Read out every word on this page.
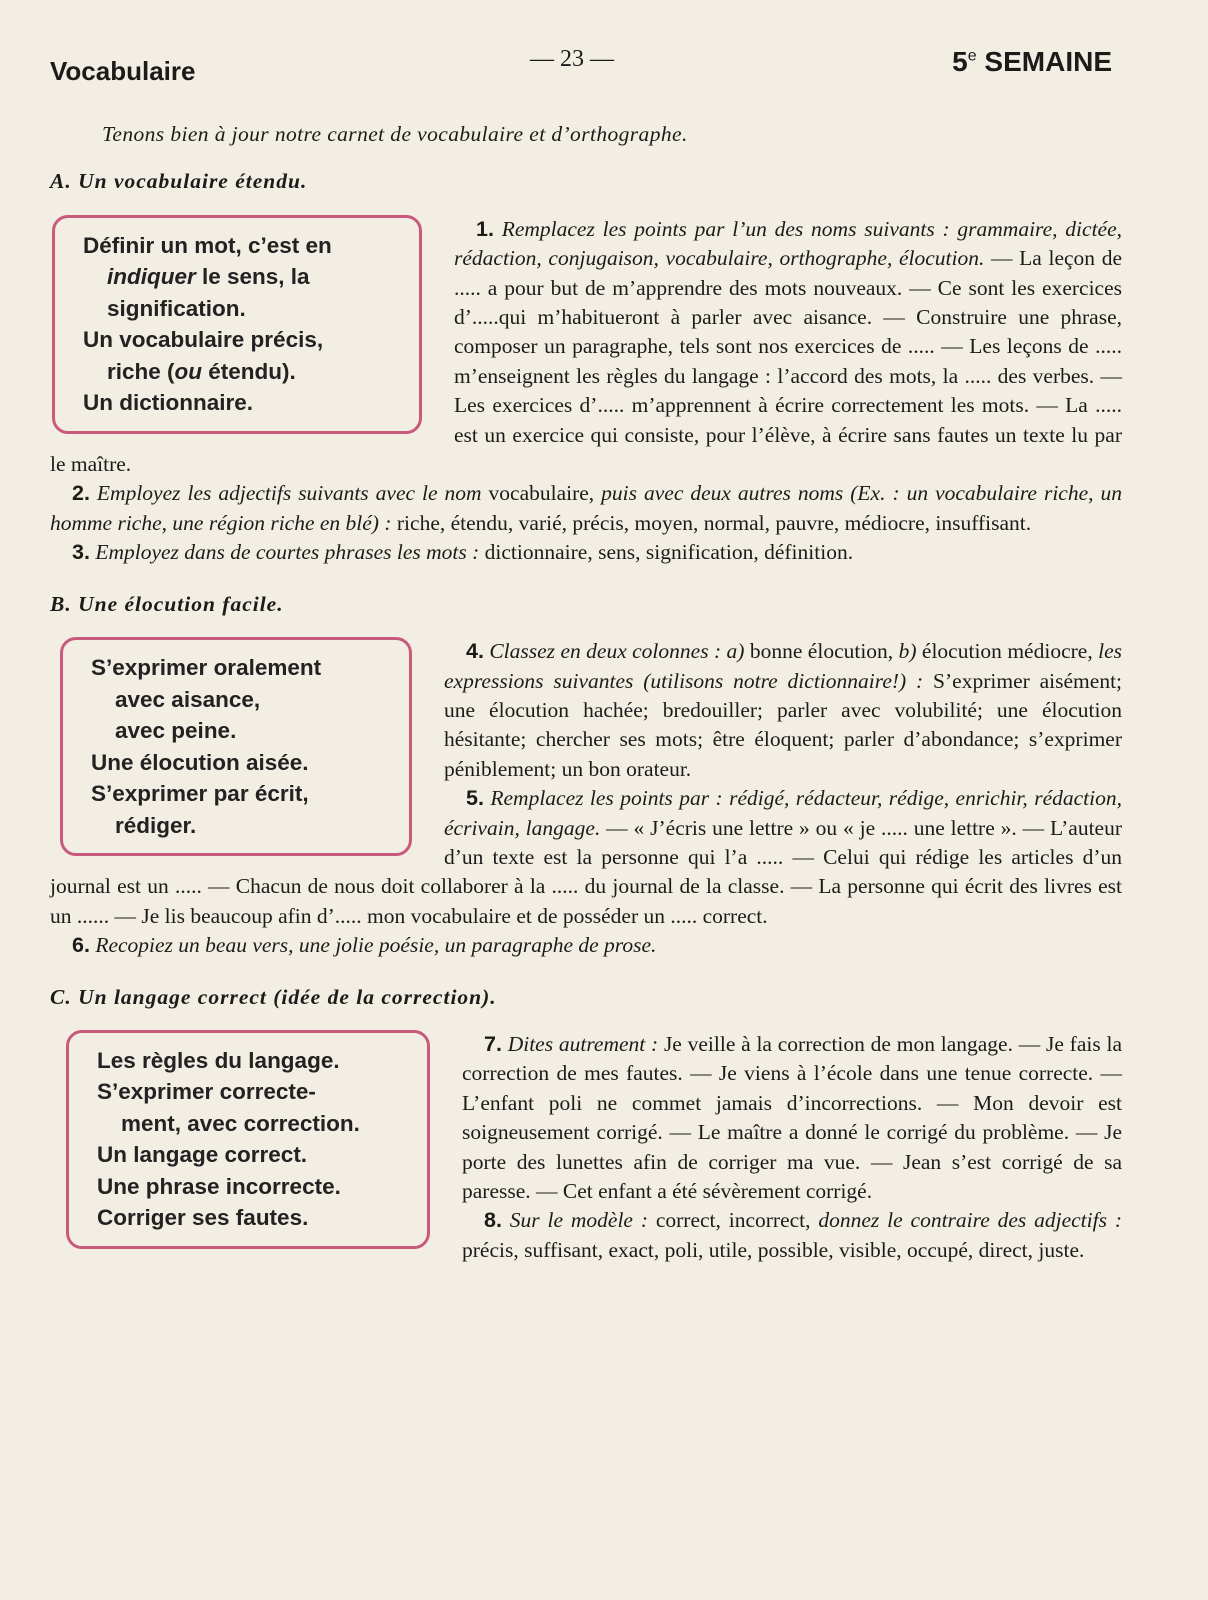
Vocabulaire	— 23 —	5e SEMAINE
Tenons bien à jour notre carnet de vocabulaire et d’orthographe.
A. Un vocabulaire étendu.
Définir un mot, c’est en
indiquer le sens, la
signification.
Un vocabulaire précis,
riche (ou étendu).
Un dictionnaire.

1. Remplacez les points par l’un des noms suivants : grammaire, dictée, rédaction, conjugaison, vocabulaire, orthographe, élocution. — La leçon de ..... a pour but de m’apprendre des mots nouveaux. — Ce sont les exercices d’.....qui m’habitueront à parler avec aisance. — Construire une phrase, composer un paragraphe, tels sont nos exercices de ..... — Les leçons de ..... m’enseignent les règles du langage : l’accord des mots, la ..... des verbes. — Les exercices d’..... m’apprennent à écrire correctement les mots. — La ..... est un exercice qui consiste, pour l’élève, à écrire sans fautes un texte lu par le maître.

2. Employez les adjectifs suivants avec le nom vocabulaire, puis avec deux autres noms (Ex. : un vocabulaire riche, un homme riche, une région riche en blé) : riche, étendu, varié, précis, moyen, normal, pauvre, médiocre, insuffisant.

3. Employez dans de courtes phrases les mots : dictionnaire, sens, signification, définition.

B. Une élocution facile.
S’exprimer oralement
avec aisance,
avec peine.
Une élocution aisée.
S’exprimer par écrit,
rédiger.

4. Classez en deux colonnes : a) bonne élocution, b) élocution médiocre, les expressions suivantes (utilisons notre dictionnaire!) : S’exprimer aisément; une élocution hachée; bredouiller; parler avec volubilité; une élocution hésitante; chercher ses mots; être éloquent; parler d’abondance; s’exprimer péniblement; un bon orateur.

5. Remplacez les points par : rédigé, rédacteur, rédige, enrichir, rédaction, écrivain, langage. — « J’écris une lettre » ou « je ..... une lettre ». — L’auteur d’un texte est la personne qui l’a ..... — Celui qui rédige les articles d’un journal est un ..... — Chacun de nous doit collaborer à la ..... du journal de la classe. — La personne qui écrit des livres est un ...... — Je lis beaucoup afin d’..... mon vocabulaire et de posséder un ..... correct.

6. Recopiez un beau vers, une jolie poésie, un paragraphe de prose.

C. Un langage correct (idée de la correction).
Les règles du langage.
S’exprimer correcte-
ment, avec correction.
Un langage correct.
Une phrase incorrecte.
Corriger ses fautes.

7. Dites autrement : Je veille à la correction de mon langage. — Je fais la correction de mes fautes. — Je viens à l’école dans une tenue correcte. — L’enfant poli ne commet jamais d’incorrections. — Mon devoir est soigneusement corrigé. — Le maître a donné le corrigé du problème. — Je porte des lunettes afin de corriger ma vue. — Jean s’est corrigé de sa paresse. — Cet enfant a été sévèrement corrigé.

8. Sur le modèle : correct, incorrect, donnez le contraire des adjectifs : précis, suffisant, exact, poli, utile, possible, visible, occupé, direct, juste.
